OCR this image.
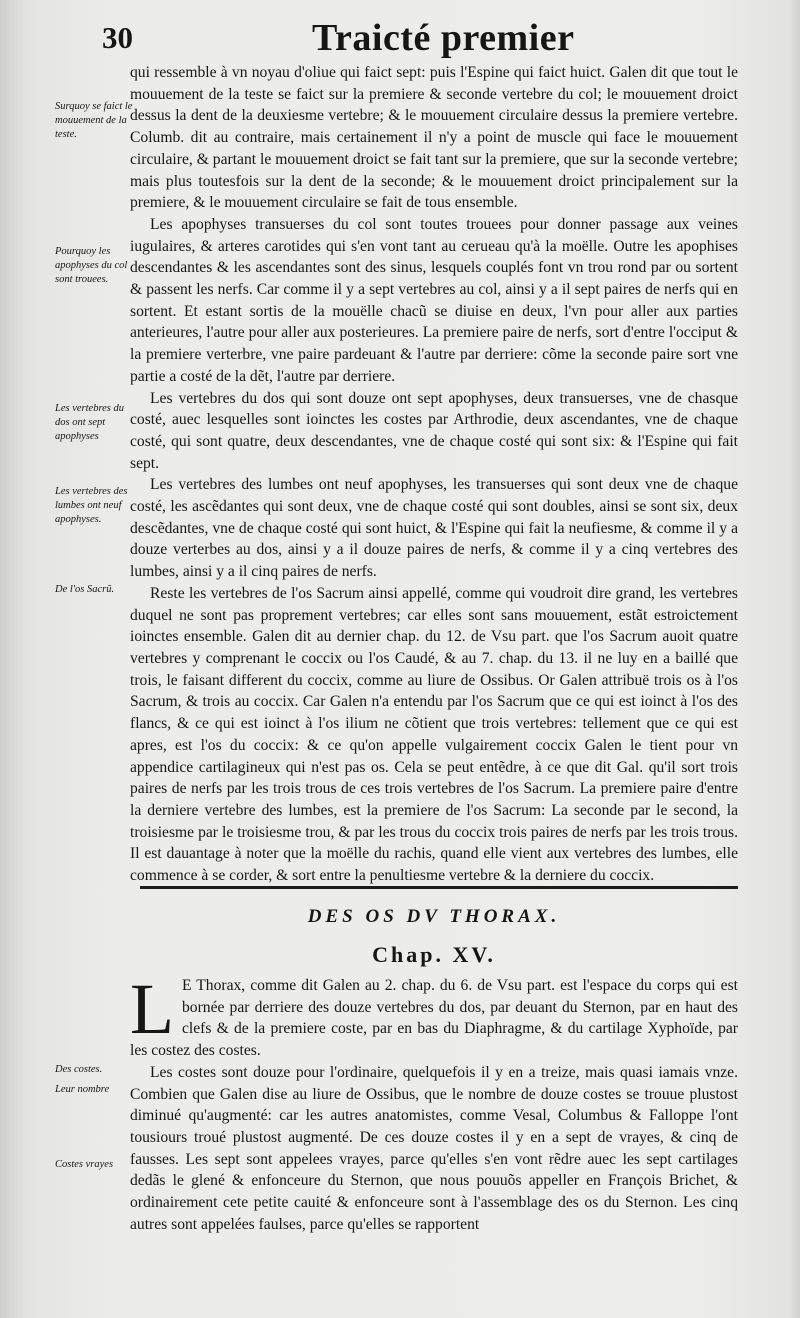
30	Traicté premier
Surquoy se faict le mouuement de la teste.
Pourquoy les apophyses du col sont trouees.
Les vertebres du dos ont sept apophyses
Les vertebres des lumbes ont neuf apophyses.
De l'os Sacrũ.
Des costes.
Leur nombre
Costes vrayes

qui ressemble à vn noyau d'oliue qui faict sept: puis l'Espine qui faict huict. Galen dit que tout le mouuement de la teste se faict sur la premiere & seconde vertebre du col; le mouuement droict dessus la dent de la deuxiesme vertebre; & le mouuement circulaire dessus la premiere vertebre. Columb. dit au contraire, mais certainement il n'y a point de muscle qui face le mouuement circulaire, & partant le mouuement droict se fait tant sur la premiere, que sur la seconde vertebre; mais plus toutesfois sur la dent de la seconde; & le mouuement droict principalement sur la premiere, & le mouuement circulaire se fait de tous ensemble.

Les apophyses transuerses du col sont toutes trouees pour donner passage aux veines iugulaires, & arteres carotides qui s'en vont tant au cerueau qu'à la moëlle. Outre les apophises descendantes & les ascendantes sont des sinus, lesquels couplés font vn trou rond par ou sortent & passent les nerfs. Car comme il y a sept vertebres au col, ainsi y a il sept paires de nerfs qui en sortent. Et estant sortis de la mouëlle chacũ se diuise en deux, l'vn pour aller aux parties anterieures, l'autre pour aller aux posterieures. La premiere paire de nerfs, sort d'entre l'occiput & la premiere verterbre, vne paire pardeuant & l'autre par derriere: cõme la seconde paire sort vne partie a costé de la dẽt, l'autre par derriere.

Les vertebres du dos qui sont douze ont sept apophyses, deux transuerses, vne de chasque costé, auec lesquelles sont ioinctes les costes par Arthrodie, deux ascendantes, vne de chaque costé, qui sont quatre, deux descendantes, vne de chaque costé qui sont six: & l'Espine qui fait sept.

Les vertebres des lumbes ont neuf apophyses, les transuerses qui sont deux vne de chaque costé, les ascẽdantes qui sont deux, vne de chaque costé qui sont doubles, ainsi se sont six, deux descẽdantes, vne de chaque costé qui sont huict, & l'Espine qui fait la neufiesme, & comme il y a douze verterbes au dos, ainsi y a il douze paires de nerfs, & comme il y a cinq vertebres des lumbes, ainsi y a il cinq paires de nerfs.

Reste les vertebres de l'os Sacrum ainsi appellé, comme qui voudroit dire grand, les vertebres duquel ne sont pas proprement vertebres; car elles sont sans mouuement, estãt estroictement ioinctes ensemble. Galen dit au dernier chap. du 12. de Vsu part. que l'os Sacrum auoit quatre vertebres y comprenant le coccix ou l'os Caudé, & au 7. chap. du 13. il ne luy en a baillé que trois, le faisant different du coccix, comme au liure de Ossibus. Or Galen attribuë trois os à l'os Sacrum, & trois au coccix. Car Galen n'a entendu par l'os Sacrum que ce qui est ioinct à l'os des flancs, & ce qui est ioinct à l'os ilium ne cõtient que trois vertebres: tellement que ce qui est apres, est l'os du coccix: & ce qu'on appelle vulgairement coccix Galen le tient pour vn appendice cartilagineux qui n'est pas os. Cela se peut entẽdre, à ce que dit Gal. qu'il sort trois paires de nerfs par les trois trous de ces trois vertebres de l'os Sacrum. La premiere paire d'entre la derniere vertebre des lumbes, est la premiere de l'os Sacrum: La seconde par le second, la troisiesme par le troisiesme trou, & par les trous du coccix trois paires de nerfs par les trois trous. Il est dauantage à noter que la moëlle du rachis, quand elle vient aux vertebres des lumbes, elle commence à se corder, & sort entre la penultiesme vertebre & la derniere du coccix.

DES OS DV THORAX.
Chap. XV.
L E Thorax, comme dit Galen au 2. chap. du 6. de Vsu part. est l'espace du corps qui est bornée par derriere des douze vertebres du dos, par deuant du Sternon, par en haut des clefs & de la premiere coste, par en bas du Diaphragme, & du cartilage Xyphoïde, par les costez des costes.

Les costes sont douze pour l'ordinaire, quelquefois il y en a treize, mais quasi iamais vnze. Combien que Galen dise au liure de Ossibus, que le nombre de douze costes se trouue plustost diminué qu'augmenté: car les autres anatomistes, comme Vesal, Columbus & Falloppe l'ont tousiours troué plustost augmenté. De ces douze costes il y en a sept de vrayes, & cinq de fausses. Les sept sont appelees vrayes, parce qu'elles s'en vont rẽdre auec les sept cartilages dedãs le glené & enfonceure du Sternon, que nous pouuõs appeller en François Brichet, & ordinairement cete petite cauité & enfonceure sont à l'assemblage des os du Sternon. Les cinq autres sont appelées faulses, parce qu'elles se rapportent
